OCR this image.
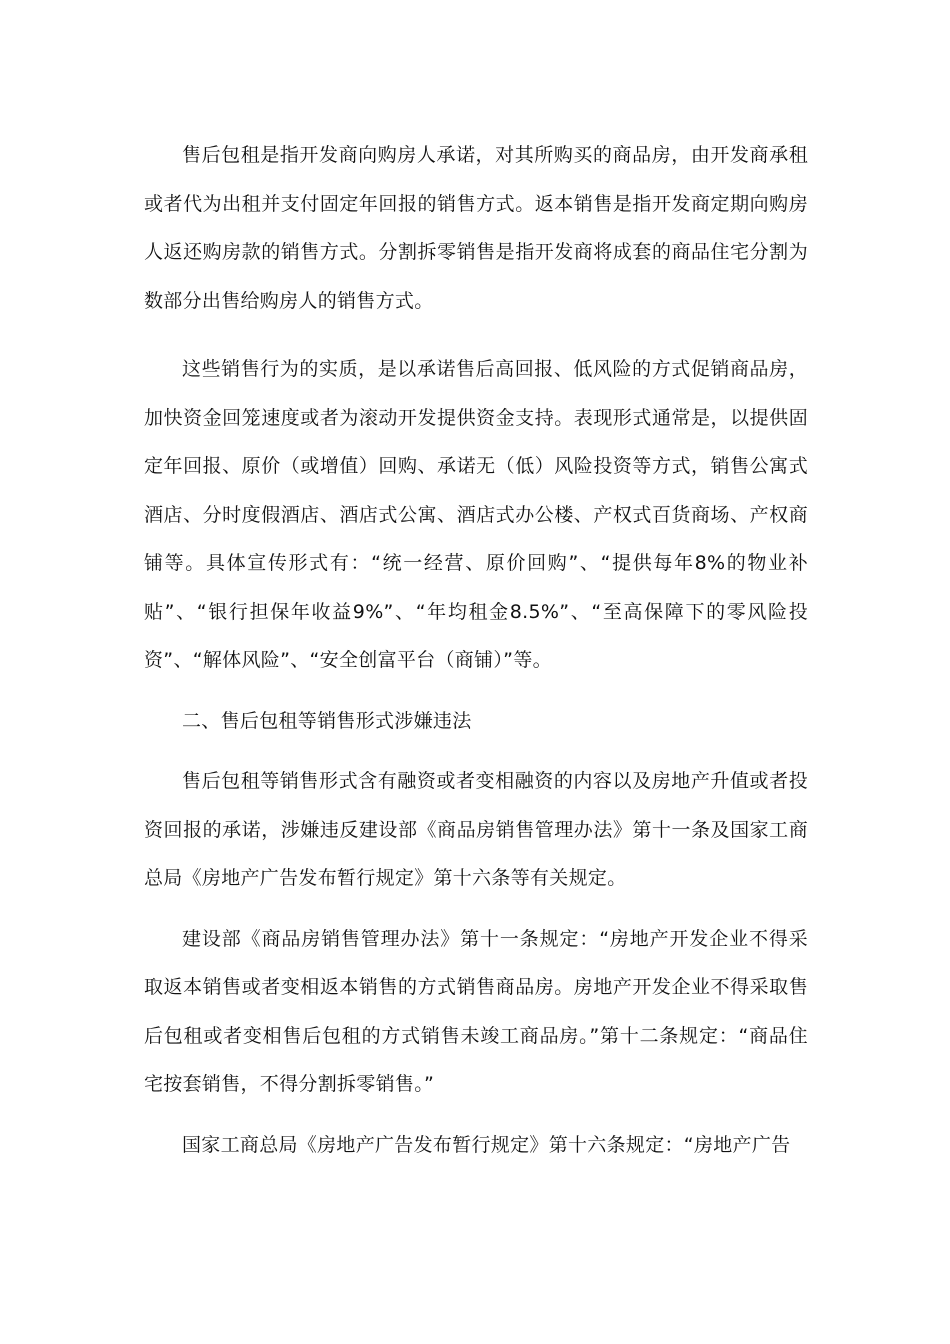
售后包租是指开发商向购房人承诺，对其所购买的商品房，由开发商承租或者代为出租并支付固定年回报的销售方式。返本销售是指开发商定期向购房人返还购房款的销售方式。分割拆零销售是指开发商将成套的商品住宅分割为数部分出售给购房人的销售方式。

这些销售行为的实质，是以承诺售后高回报、低风险的方式促销商品房，加快资金回笼速度或者为滚动开发提供资金支持。表现形式通常是，以提供固定年回报、原价（或增值）回购、承诺无（低）风险投资等方式，销售公寓式酒店、分时度假酒店、酒店式公寓、酒店式办公楼、产权式百货商场、产权商铺等。具体宣传形式有：“统一经营、原价回购”、“提供每年8%的物业补贴”、“银行担保年收益9%”、“年均租金8.5%”、“至高保障下的零风险投资”、“解体风险”、“安全创富平台（商铺）”等。

二、售后包租等销售形式涉嫌违法

售后包租等销售形式含有融资或者变相融资的内容以及房地产升值或者投资回报的承诺，涉嫌违反建设部《商品房销售管理办法》第十一条及国家工商总局《房地产广告发布暂行规定》第十六条等有关规定。

建设部《商品房销售管理办法》第十一条规定：“房地产开发企业不得采取返本销售或者变相返本销售的方式销售商品房。房地产开发企业不得采取售后包租或者变相售后包租的方式销售未竣工商品房。”第十二条规定：“商品住宅按套销售，不得分割拆零销售。”

国家工商总局《房地产广告发布暂行规定》第十六条规定：“房地产广告
